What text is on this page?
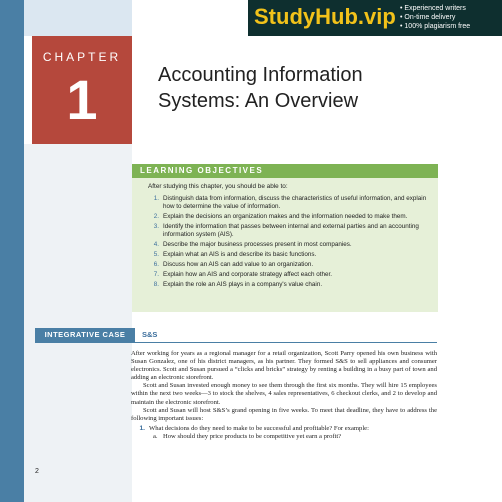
CHAPTER
1
StudyHub.vip • Experienced writers
• On-time delivery
• 100% plagiarism free
Accounting Information
Systems: An Overview
LEARNING OBJECTIVES
After studying this chapter, you should be able to:
1. Distinguish data from information, discuss the characteristics of useful information, and explain how to determine the value of information.
2. Explain the decisions an organization makes and the information needed to make them.
3. Identify the information that passes between internal and external parties and an accounting information system (AIS).
4. Describe the major business processes present in most companies.
5. Explain what an AIS is and describe its basic functions.
6. Discuss how an AIS can add value to an organization.
7. Explain how an AIS and corporate strategy affect each other.
8. Explain the role an AIS plays in a company's value chain.
INTEGRATIVE CASE	S&S

After working for years as a regional manager for a retail organization, Scott Parry opened his own business with Susan Gonzalez, one of his district managers, as his partner. They formed S&S to sell appliances and consumer electronics. Scott and Susan pursued a “clicks and bricks” strategy by renting a building in a busy part of town and adding an electronic storefront.

Scott and Susan invested enough money to see them through the first six months. They will hire 15 employees within the next two weeks—3 to stock the shelves, 4 sales representatives, 6 checkout clerks, and 2 to develop and maintain the electronic storefront.

Scott and Susan will host S&S’s grand opening in five weeks. To meet that deadline, they have to address the following important issues:

1. What decisions do they need to make to be successful and profitable? For example:
a. How should they price products to be competitive yet earn a profit?
2
